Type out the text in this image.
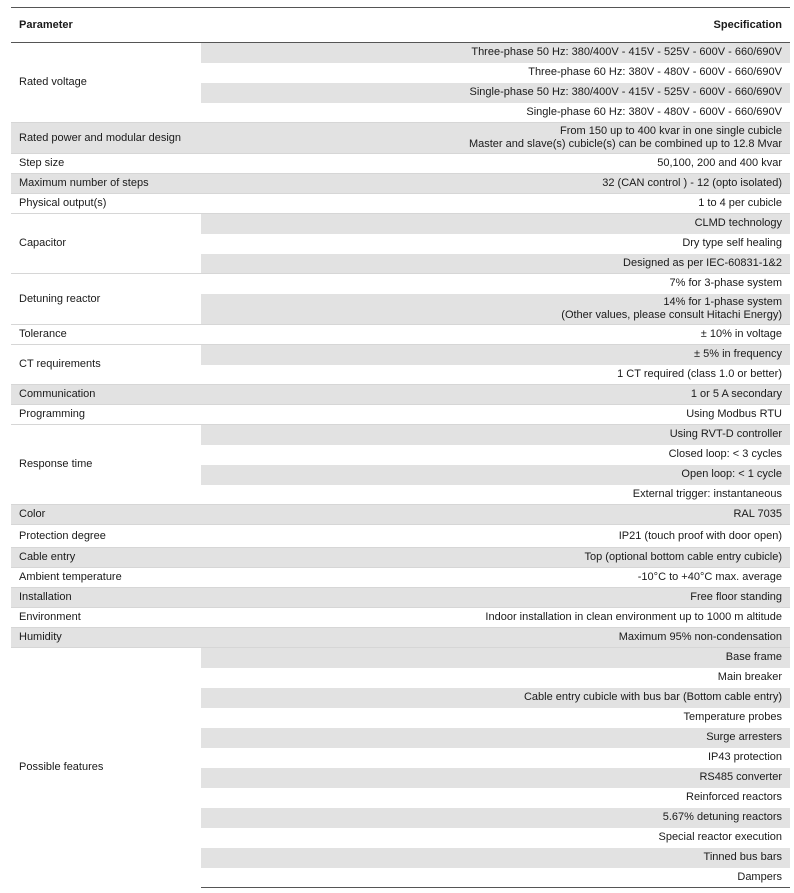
Parameter	Specification
Rated voltage	Three-phase 50 Hz: 380/400V - 415V - 525V - 600V - 660/690V

	Three-phase 60 Hz: 380V - 480V - 600V - 660/690V

	Single-phase 50 Hz: 380/400V - 415V - 525V - 600V - 660/690V

	Single-phase 60 Hz: 380V - 480V - 600V - 660/690V

Rated power and modular design	From 150 up to 400 kvar in one single cubicle
Master and slave(s) cubicle(s) can be combined up to 12.8 Mvar

Step size	50,100, 200 and 400 kvar

Maximum number of steps	32 (CAN control ) - 12 (opto isolated)

Physical output(s)	1 to 4 per cubicle

Capacitor	CLMD technology

	Dry type self healing

	Designed as per IEC-60831-1&2

Detuning reactor	7% for 3-phase system

	14% for 1-phase system
(Other values, please consult Hitachi Energy)

Tolerance	± 10% in voltage

CT requirements	± 5% in frequency

	1 CT required (class 1.0 or better)

Communication	1 or 5 A secondary

Programming	Using Modbus RTU

Response time	Using RVT-D controller

	Closed loop: < 3 cycles

	Open loop: < 1 cycle

	External trigger: instantaneous

Color	RAL 7035

Protection degree	IP21 (touch proof with door open)

Cable entry	Top (optional bottom cable entry cubicle)

Ambient temperature	-10°C to +40°C max. average

Installation	Free floor standing

Environment	Indoor installation in clean environment up to 1000 m altitude

Humidity	Maximum 95% non-condensation

Possible features	Base frame

	Main breaker

	Cable entry cubicle with bus bar (Bottom cable entry)

	Temperature probes

	Surge arresters

	IP43 protection

	RS485 converter

	Reinforced reactors

	5.67% detuning reactors

	Special reactor execution

	Tinned bus bars

	Dampers
